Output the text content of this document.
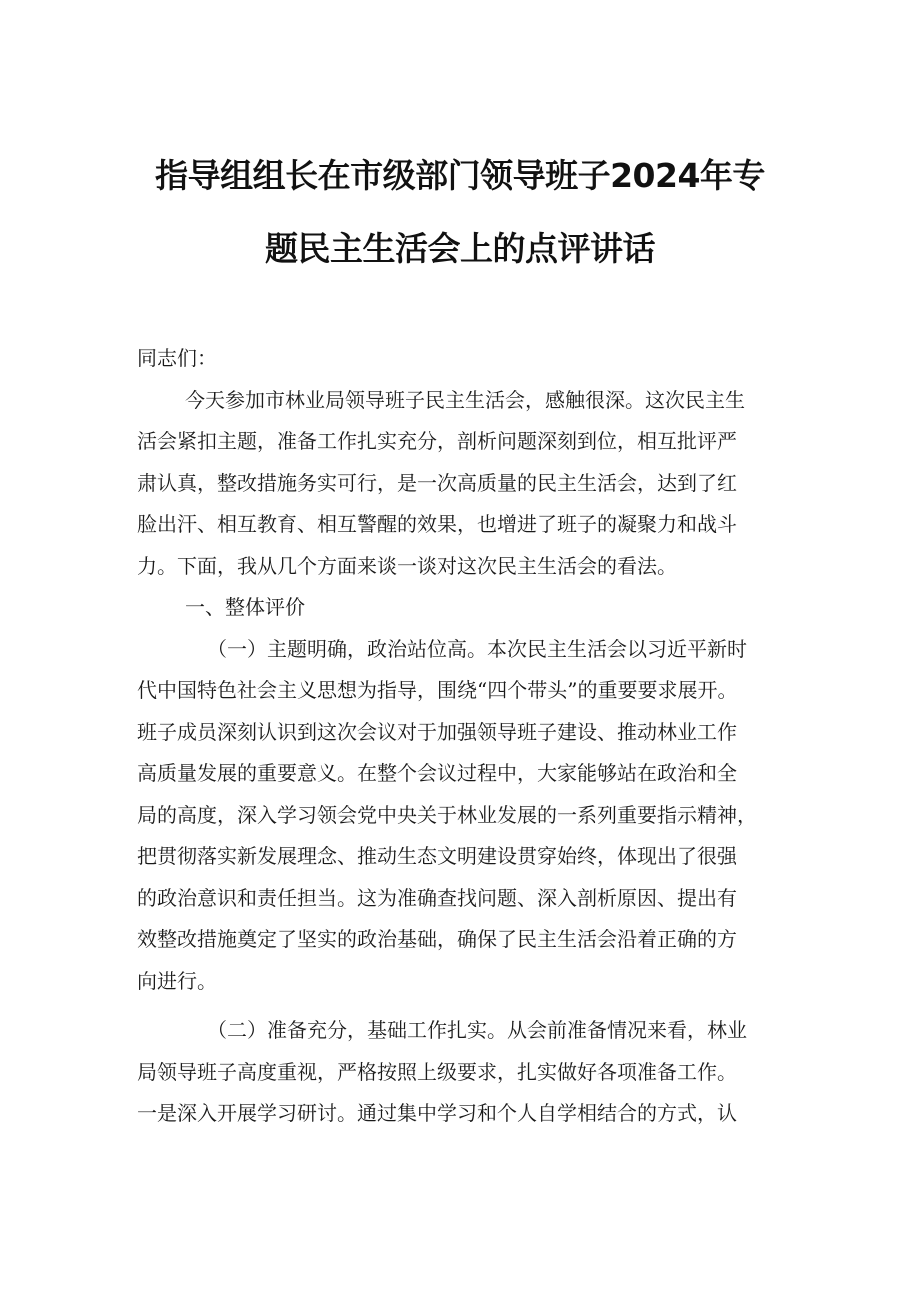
指导组组长在市级部门领导班子2024年专
题民主生活会上的点评讲话
同志们：
今天参加市林业局领导班子民主生活会，感触很深。这次民主生
活会紧扣主题，准备工作扎实充分，剖析问题深刻到位，相互批评严
肃认真，整改措施务实可行，是一次高质量的民主生活会，达到了红
脸出汗、相互教育、相互警醒的效果，也增进了班子的凝聚力和战斗
力。下面，我从几个方面来谈一谈对这次民主生活会的看法。
一、整体评价
（一）主题明确，政治站位高。本次民主生活会以习近平新时
代中国特色社会主义思想为指导，围绕“四个带头”的重要要求展开。
班子成员深刻认识到这次会议对于加强领导班子建设、推动林业工作
高质量发展的重要意义。在整个会议过程中，大家能够站在政治和全
局的高度，深入学习领会党中央关于林业发展的一系列重要指示精神，
把贯彻落实新发展理念、推动生态文明建设贯穿始终，体现出了很强
的政治意识和责任担当。这为准确查找问题、深入剖析原因、提出有
效整改措施奠定了坚实的政治基础，确保了民主生活会沿着正确的方
向进行。
（二）准备充分，基础工作扎实。从会前准备情况来看，林业
局领导班子高度重视，严格按照上级要求，扎实做好各项准备工作。
一是深入开展学习研讨。通过集中学习和个人自学相结合的方式，认
